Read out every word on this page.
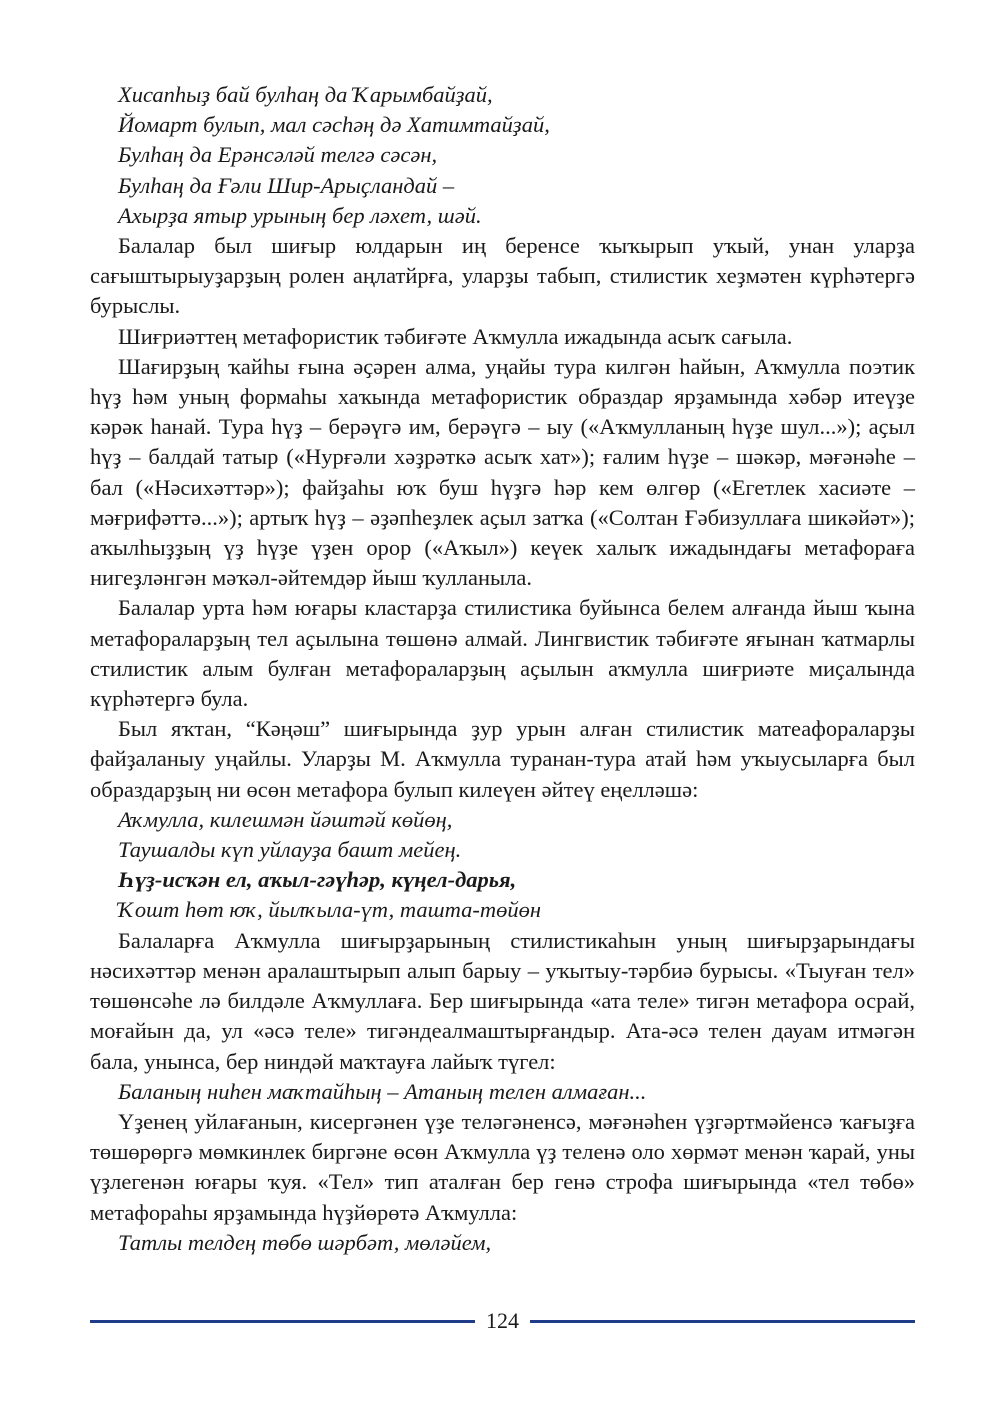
Хисапһыҙ бай булһаң да Ҡарымбайҙай,
Йомарт булып, мал сәсһәң дә Хатимтайҙай,
Булһаң да Ерәнсәләй телгә сәсән,
Булһаң да Ғәли Шир-Арыҫландай –
Ахырҙа ятыр урының бер ләхет, шәй.

Балалар был шиғыр юлдарын иң беренсе ҡыҡырып уҡый, унан уларҙа сағыштырыуҙарҙың ролен аңлатйрға, уларҙы табып, стилистик хеҙмәтен күрһәтергә бурыслы.

Шиғриәттең метафористик тәбиғәте Аҡмулла ижадында асыҡ сағыла.

Шағирҙың ҡайһы ғына әҫәрен алма, уңайы тура килгән һайын, Аҡмулла поэтик һүҙ һәм уның формаһы хаҡында метафористик образдар ярҙамында хәбәр итеүҙе кәрәк һанай. Тура һүҙ – берәүгә им, берәүгә – ыу («Аҡмулланың һүҙе шул...»); аҫыл һүҙ – балдай татыр («Нурғәли хәҙрәткә асыҡ хат»); ғалим һүҙе – шәкәр, мәғәнәһе – бал («Нәсихәттәр»); файҙаһы юҡ буш һүҙгә һәр кем өлгөр («Егетлек хасиәте – мәғрифәттә...»); артыҡ һүҙ – әҙәпһеҙлек аҫыл затҡа («Солтан Ғәбизуллаға шикәйәт»); аҡылһыҙҙың үҙ һүҙе үҙен орор («Аҡыл») кеүек халыҡ ижадындағы метафораға нигеҙләнгән мәҡәл-әйтемдәр йыш ҡулланыла.

Балалар урта һәм юғары кластарҙа стилистика буйынса белем алғанда йыш ҡына метафораларҙың тел аҫылына төшөнә алмай. Лингвистик тәбиғәте яғынан ҡатмарлы стилистик алым булған метафораларҙың аҫылын аҡмулла шиғриәте миҫалында күрһәтергә була.

Был яҡтан, “Кәңәш” шиғырында ҙур урын алған стилистик матеафораларҙы файҙаланыу уңайлы. Уларҙы М. Аҡмулла туранан-тура атай һәм уҡыусыларға был образдарҙың ни өсөн метафора булып килеүен әйтеү еңелләшә:

Аҡмулла, килешмән йәштәй көйөң,
Таушалды күп уйлауҙа башт мейең.
Һүҙ-исҡән ел, аҡыл-гәүһәр, күңел-дарья,
Ҡошт һөт юҡ, йылҡыла-үт, ташта-төйөн

Балаларға Аҡмулла шиғырҙарының стилистикаһын уның шиғырҙарындағы нәсихәттәр менән аралаштырып алып барыу – уҡытыу-тәрбиә бурысы. «Тыуған тел» төшөнсәһе лә билдәле Аҡмуллаға. Бер шиғырында «ата теле» тигән метафора осрай, моғайын да, ул «әсә теле» тигәндеалмаштырғандыр. Ата-әсә телен дауам итмәгән бала, унынса, бер ниндәй маҡтауға лайыҡ түгел:

Баланың ниһен маҡтайһың – Атаның телен алмаған...

Үҙенең уйлағанын, кисергәнен үҙе теләгәненсә, мәғәнәһен үҙгәртмәйенсә ҡағыҙға төшөрөргә мөмкинлек биргәне өсөн Аҡмулла үҙ теленә оло хөрмәт менән ҡарай, уны үҙлегенән юғары ҡуя. «Тел» тип аталған бер генә строфа шиғырында «тел төбө» метафораһы ярҙамында һүҙйөрөтә Аҡмулла:

Татлы телдең төбө шәрбәт, мөләйем,
124
